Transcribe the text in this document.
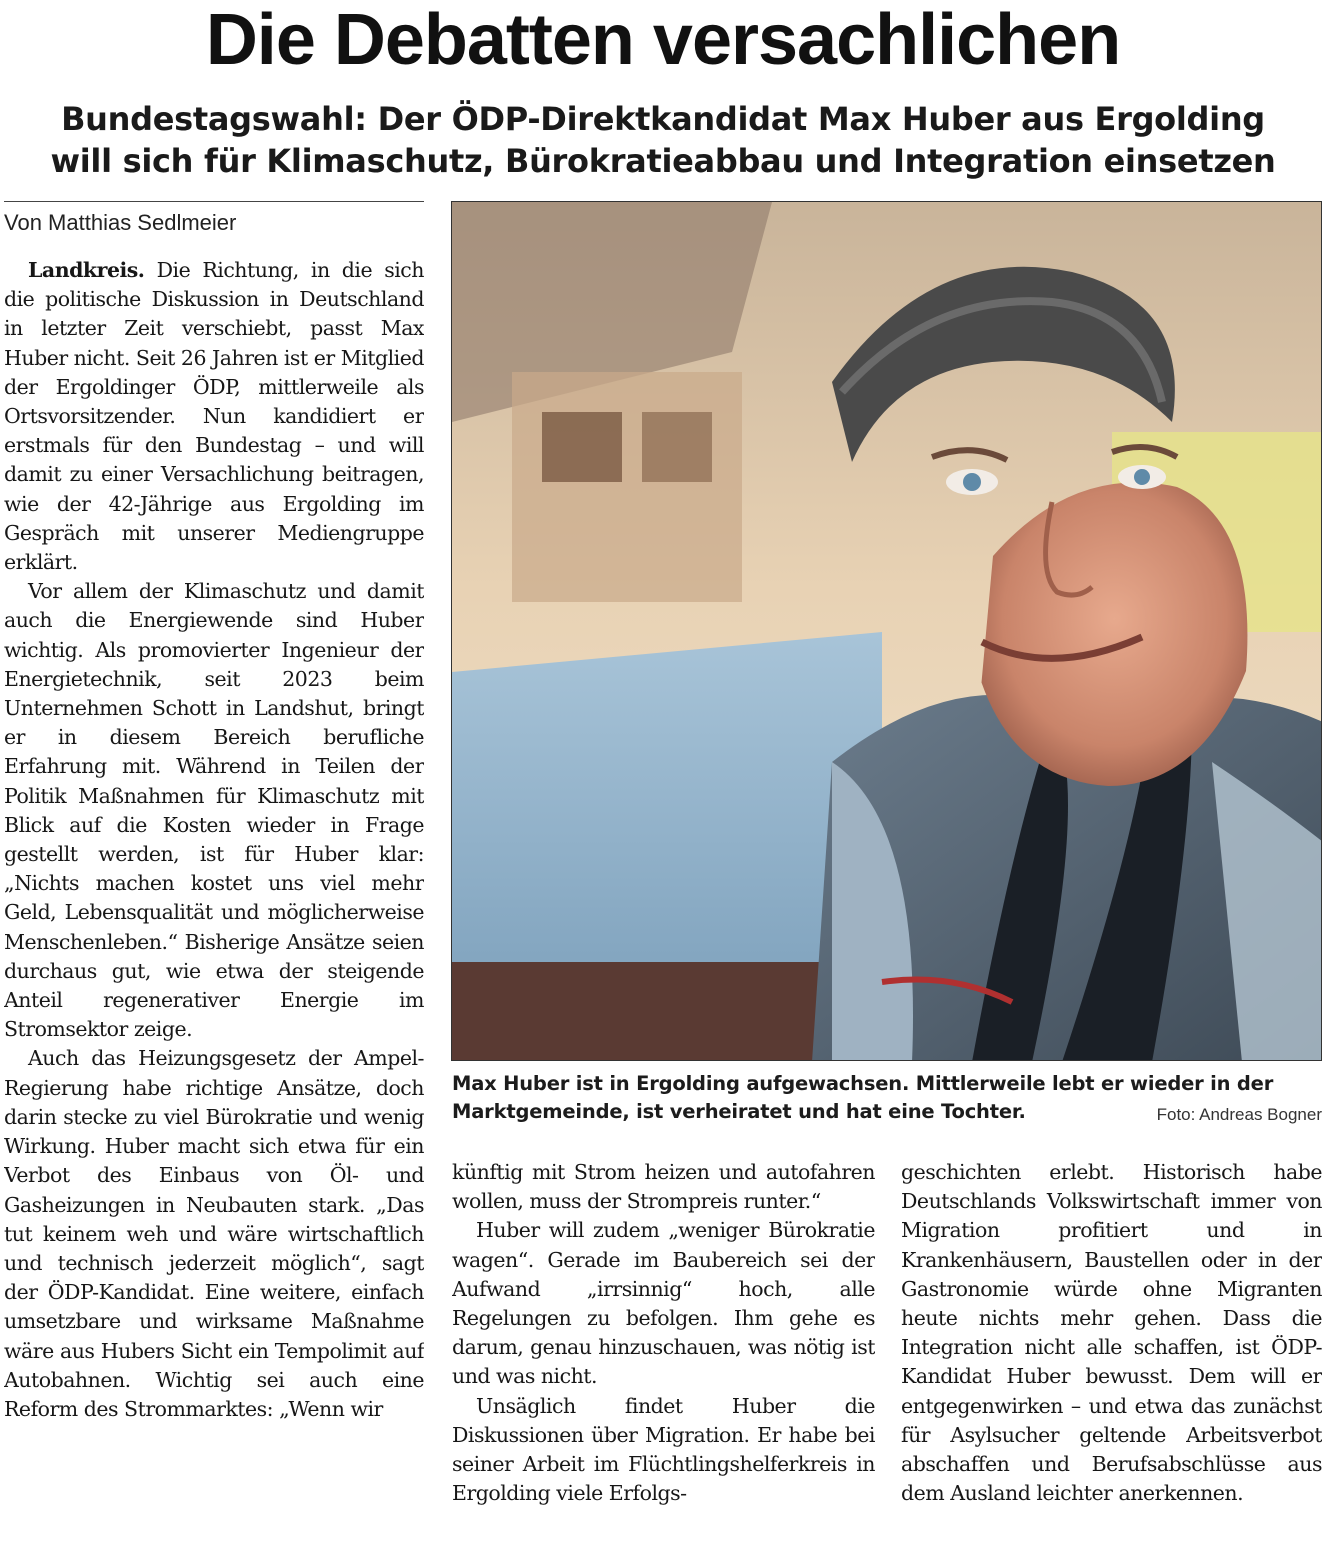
Die Debatten versachlichen
Bundestagswahl: Der ÖDP-Direktkandidat Max Huber aus Ergolding
will sich für Klimaschutz, Bürokratieabbau und Integration einsetzen
Von Matthias Sedlmeier

Landkreis. Die Richtung, in die sich die politische Diskussion in Deutschland in letzter Zeit verschiebt, passt Max Huber nicht. Seit 26 Jahren ist er Mitglied der Ergoldinger ÖDP, mittlerweile als Ortsvorsitzender. Nun kandidiert er erstmals für den Bundestag – und will damit zu einer Versachlichung beitragen, wie der 42-Jährige aus Ergolding im Gespräch mit unserer Mediengruppe erklärt.

Vor allem der Klimaschutz und damit auch die Energiewende sind Huber wichtig. Als promovierter Ingenieur der Energietechnik, seit 2023 beim Unternehmen Schott in Landshut, bringt er in diesem Bereich berufliche Erfahrung mit. Während in Teilen der Politik Maßnahmen für Klimaschutz mit Blick auf die Kosten wieder in Frage gestellt werden, ist für Huber klar: „Nichts machen kostet uns viel mehr Geld, Lebensqualität und möglicherweise Menschenleben.“ Bisherige Ansätze seien durchaus gut, wie etwa der steigende Anteil regenerativer Energie im Stromsektor zeige.

Auch das Heizungsgesetz der Ampel-Regierung habe richtige Ansätze, doch darin stecke zu viel Bürokratie und wenig Wirkung. Huber macht sich etwa für ein Verbot des Einbaus von Öl- und Gasheizungen in Neubauten stark. „Das tut keinem weh und wäre wirtschaftlich und technisch jederzeit möglich“, sagt der ÖDP-Kandidat. Eine weitere, einfach umsetzbare und wirksame Maßnahme wäre aus Hubers Sicht ein Tempolimit auf Autobahnen. Wichtig sei auch eine Reform des Strommarktes: „Wenn wir

Max Huber ist in Ergolding aufgewachsen. Mittlerweile lebt er wieder in der
Marktgemeinde, ist verheiratet und hat eine Tochter.	Foto: Andreas Bogner

künftig mit Strom heizen und autofahren wollen, muss der Strompreis runter.“

Huber will zudem „weniger Bürokratie wagen“. Gerade im Baubereich sei der Aufwand „irrsinnig“ hoch, alle Regelungen zu befolgen. Ihm gehe es darum, genau hinzuschauen, was nötig ist und was nicht.

Unsäglich findet Huber die Diskussionen über Migration. Er habe bei seiner Arbeit im Flüchtlingshelferkreis in Ergolding viele Erfolgs-

geschichten erlebt. Historisch habe Deutschlands Volkswirtschaft immer von Migration profitiert und in Krankenhäusern, Baustellen oder in der Gastronomie würde ohne Migranten heute nichts mehr gehen. Dass die Integration nicht alle schaffen, ist ÖDP-Kandidat Huber bewusst. Dem will er entgegenwirken – und etwa das zunächst für Asylsucher geltende Arbeitsverbot abschaffen und Berufsabschlüsse aus dem Ausland leichter anerkennen.
